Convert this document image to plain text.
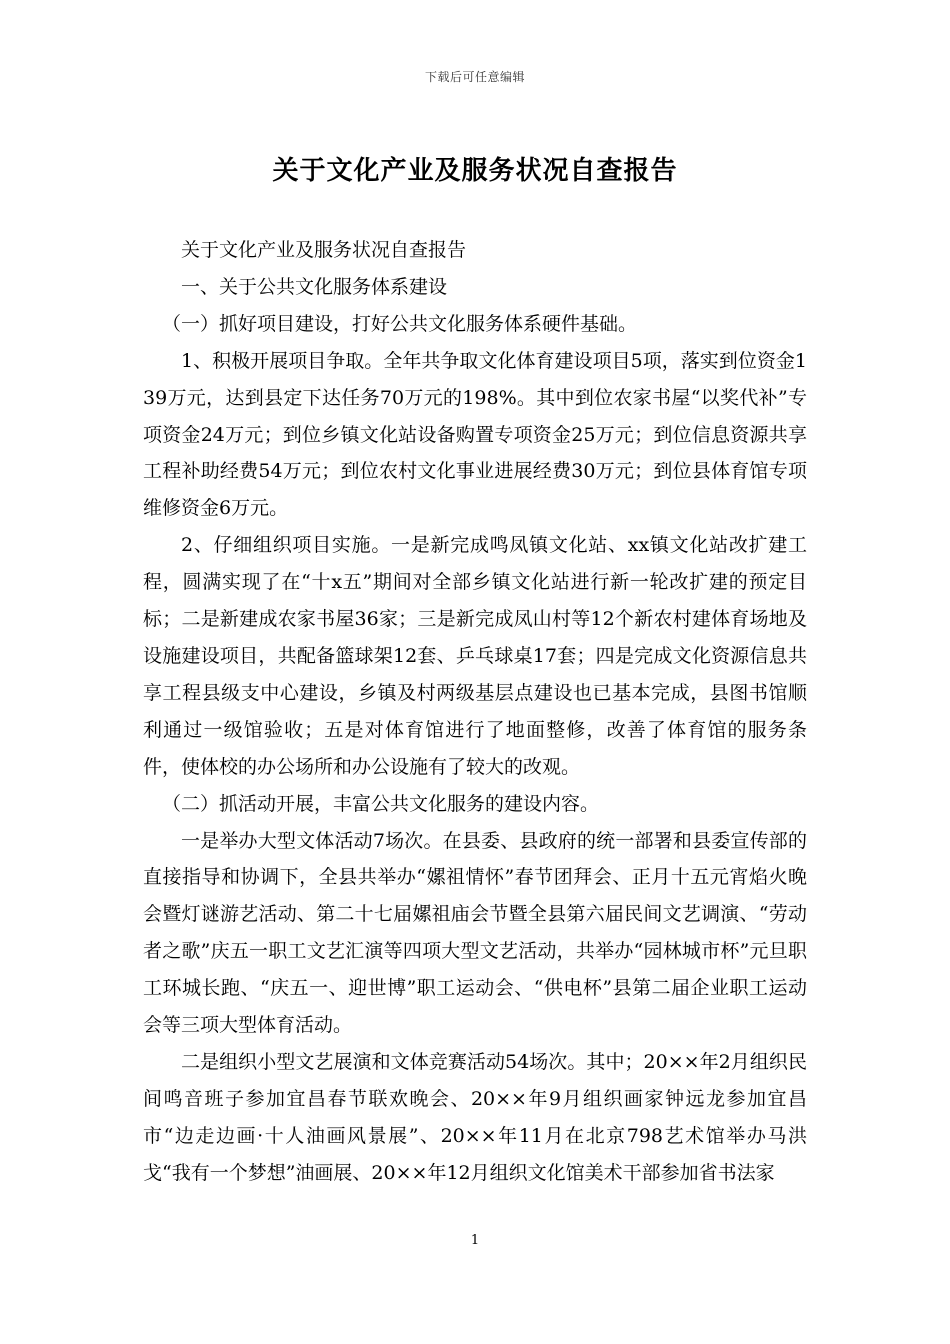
下载后可任意编辑
关于文化产业及服务状况自查报告

关于文化产业及服务状况自查报告

一、关于公共文化服务体系建设

（一）抓好项目建设，打好公共文化服务体系硬件基础。

1、积极开展项目争取。全年共争取文化体育建设项目5项，落实到位资金139万元，达到县定下达任务70万元的198%。其中到位农家书屋“以奖代补”专项资金24万元；到位乡镇文化站设备购置专项资金25万元；到位信息资源共享工程补助经费54万元；到位农村文化事业进展经费30万元；到位县体育馆专项维修资金6万元。

2、仔细组织项目实施。一是新完成鸣凤镇文化站、xx镇文化站改扩建工程，圆满实现了在“十x五”期间对全部乡镇文化站进行新一轮改扩建的预定目标；二是新建成农家书屋36家；三是新完成凤山村等12个新农村建体育场地及设施建设项目，共配备篮球架12套、乒乓球桌17套；四是完成文化资源信息共享工程县级支中心建设，乡镇及村两级基层点建设也已基本完成，县图书馆顺利通过一级馆验收；五是对体育馆进行了地面整修，改善了体育馆的服务条件，使体校的办公场所和办公设施有了较大的改观。

（二）抓活动开展，丰富公共文化服务的建设内容。

一是举办大型文体活动7场次。在县委、县政府的统一部署和县委宣传部的直接指导和协调下，全县共举办“嫘祖情怀”春节团拜会、正月十五元宵焰火晚会暨灯谜游艺活动、第二十七届嫘祖庙会节暨全县第六届民间文艺调演、“劳动者之歌”庆五一职工文艺汇演等四项大型文艺活动，共举办“园林城市杯”元旦职工环城长跑、“庆五一、迎世博”职工运动会、“供电杯”县第二届企业职工运动会等三项大型体育活动。

二是组织小型文艺展演和文体竞赛活动54场次。其中；20××年2月组织民间鸣音班子参加宜昌春节联欢晚会、20××年9月组织画家钟远龙参加宜昌市“边走边画·十人油画风景展”、20××年11月在北京798艺术馆举办马洪戈“我有一个梦想”油画展、20××年12月组织文化馆美术干部参加省书法家

1
